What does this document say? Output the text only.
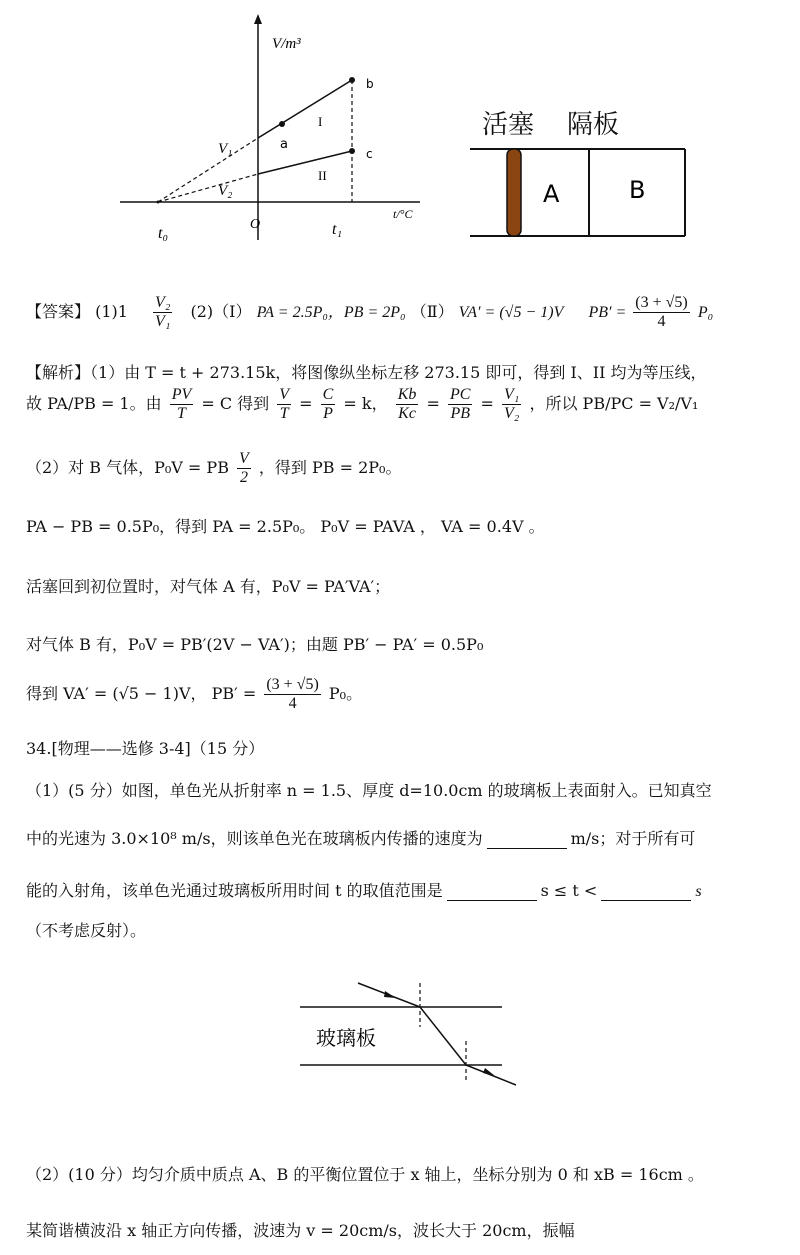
V/m³
b
c
a
I
II
V₁
V₂
t/°C
t₀
O	t₁
活塞 隔板
A	B
【答案】 $(1)1 \frac{\text{V₂}}{\text{V₁}}$ (2)（Ⅰ） PA = 2.5P₀，PB = 2P₀ （Ⅱ） VA′ = (√5 − 1)V $PB' = \frac{(3 + √5)}{4} P_0$
【解析】（1）由 T = t + 273.15k，将图像纵坐标左移 273.15 即可，得到 I、II 均为等压线，
故 PA/PB = 1。由 $\frac{PV}{T} = C$ 得到 $\frac{V}{T} = \frac{C}{P} = k$， $\frac{Kb}{Kc} = \frac{PC}{PB} = \frac{\text{V₁}}{\text{V₂}}$ ，所以 PB/PC = V₂/V₁
（2）对 B 气体，P₀V = PB $\frac{V}{2}$ ，得到 PB = 2P₀。
PA − PB = 0.5P₀，得到 PA = 2.5P₀。 P₀V = PAVA ， VA = 0.4V 。
活塞回到初位置时，对气体 A 有，P₀V = PA′VA′；
对气体 B 有，P₀V = PB′(2V − VA′)；由题 PB′ − PA′ = 0.5P₀
得到 VA′ = (√5 − 1)V， $PB' = \frac{(3 + √5)}{4} P_0$。
34.[物理——选修 3-4]（15 分）
（1）(5 分）如图，单色光从折射率 n = 1.5、厚度 d=10.0cm 的玻璃板上表面射入。已知真空
中的光速为 3.0×10⁸ m/s，则该单色光在玻璃板内传播的速度为	m/s；对于所有可
能的入射角，该单色光通过玻璃板所用时间 t 的取值范围是	s ≤ t <	s
（不考虑反射）。
玻璃板
（2）(10 分）均匀介质中质点 A、B 的平衡位置位于 x 轴上，坐标分别为 0 和 xB = 16cm 。
某简谐横波沿 x 轴正方向传播，波速为 v = 20cm/s，波长大于 20cm，振幅
